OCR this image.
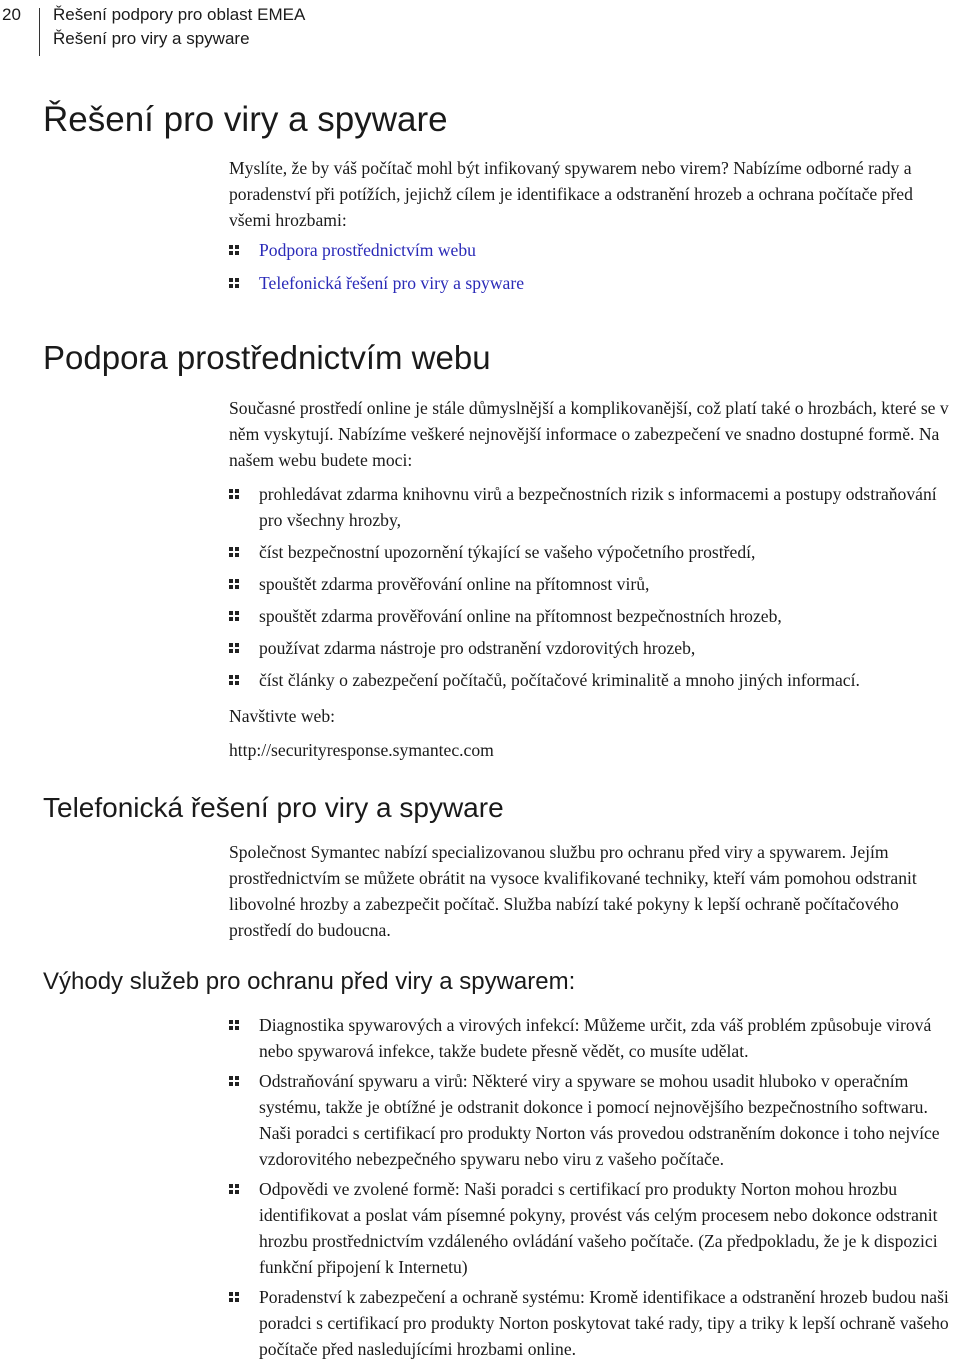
20 Řešení podpory pro oblast EMEA
Řešení pro viry a spyware
Řešení pro viry a spyware

Myslíte, že by váš počítač mohl být infikovaný spywarem nebo virem? Nabízíme odborné rady a poradenství při potížích, jejichž cílem je identifikace a odstranění hrozeb a ochrana počítače před všemi hrozbami:

Podpora prostřednictvím webu
Telefonická řešení pro viry a spyware
Podpora prostřednictvím webu

Současné prostředí online je stále důmyslnější a komplikovanější, což platí také o hrozbách, které se v něm vyskytují. Nabízíme veškeré nejnovější informace o zabezpečení ve snadno dostupné formě. Na našem webu budete moci:

prohledávat zdarma knihovnu virů a bezpečnostních rizik s informacemi a postupy odstraňování pro všechny hrozby,
číst bezpečnostní upozornění týkající se vašeho výpočetního prostředí,
spouštět zdarma prověřování online na přítomnost virů,
spouštět zdarma prověřování online na přítomnost bezpečnostních hrozeb,
používat zdarma nástroje pro odstranění vzdorovitých hrozeb,
číst články o zabezpečení počítačů, počítačové kriminalitě a mnoho jiných informací.
Navštivte web:
http://securityresponse.symantec.com
Telefonická řešení pro viry a spyware

Společnost Symantec nabízí specializovanou službu pro ochranu před viry a spywarem. Jejím prostřednictvím se můžete obrátit na vysoce kvalifikované techniky, kteří vám pomohou odstranit libovolné hrozby a zabezpečit počítač. Služba nabízí také pokyny k lepší ochraně počítačového prostředí do budoucna.

Výhody služeb pro ochranu před viry a spywarem:
Diagnostika spywarových a virových infekcí: Můžeme určit, zda váš problém způsobuje virová nebo spywarová infekce, takže budete přesně vědět, co musíte udělat.
Odstraňování spywaru a virů: Některé viry a spyware se mohou usadit hluboko v operačním systému, takže je obtížné je odstranit dokonce i pomocí nejnovějšího bezpečnostního softwaru. Naši poradci s certifikací pro produkty Norton vás provedou odstraněním dokonce i toho nejvíce vzdorovitého nebezpečného spywaru nebo viru z vašeho počítače.
Odpovědi ve zvolené formě: Naši poradci s certifikací pro produkty Norton mohou hrozbu identifikovat a poslat vám písemné pokyny, provést vás celým procesem nebo dokonce odstranit hrozbu prostřednictvím vzdáleného ovládání vašeho počítače. (Za předpokladu, že je k dispozici funkční připojení k Internetu)
Poradenství k zabezpečení a ochraně systému: Kromě identifikace a odstranění hrozeb budou naši poradci s certifikací pro produkty Norton poskytovat také rady, tipy a triky k lepší ochraně vašeho počítače před nasledujícími hrozbami online.
